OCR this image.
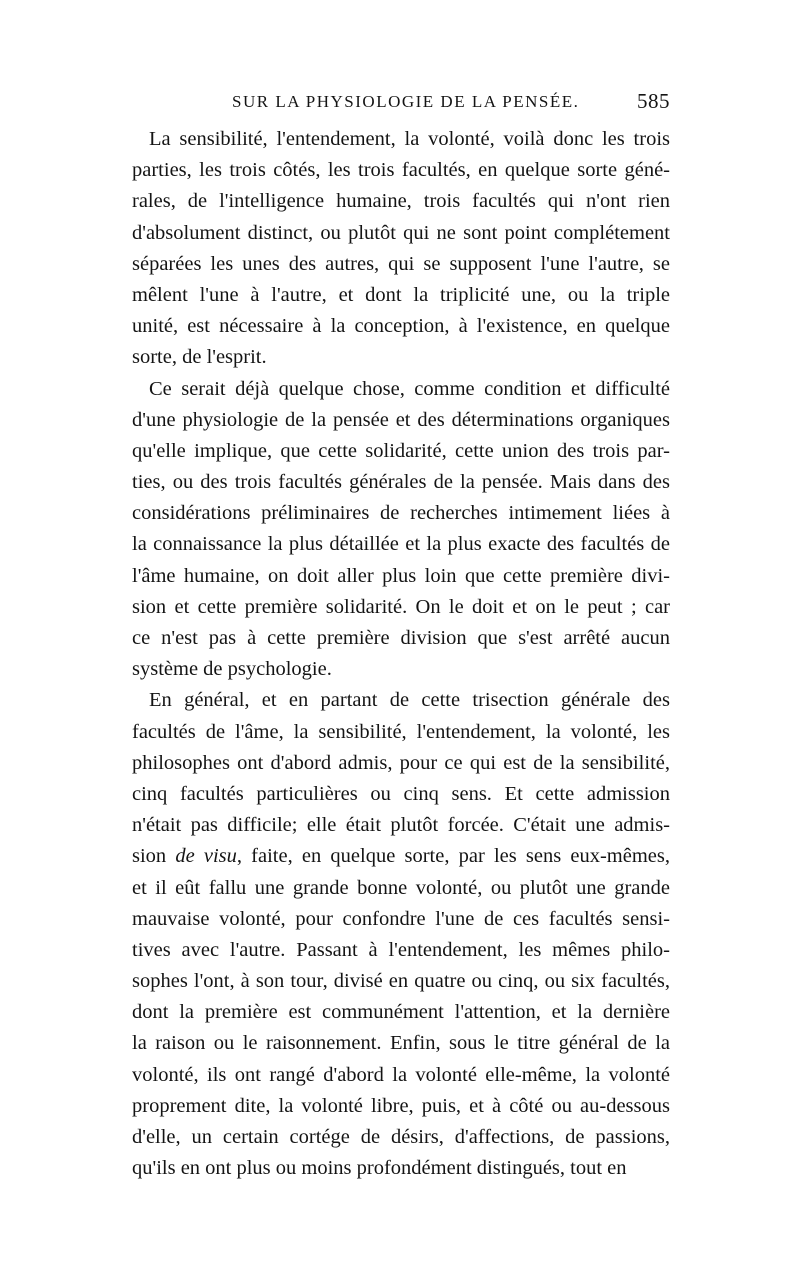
SUR LA PHYSIOLOGIE DE LA PENSÉE.	585
La sensibilité, l'entendement, la volonté, voilà donc les trois
parties, les trois côtés, les trois facultés, en quelque sorte géné-
rales, de l'intelligence humaine, trois facultés qui n'ont rien
d'absolument distinct, ou plutôt qui ne sont point complétement
séparées les unes des autres, qui se supposent l'une l'autre, se
mêlent l'une à l'autre, et dont la triplicité une, ou la triple
unité, est nécessaire à la conception, à l'existence, en quelque
sorte, de l'esprit.
Ce serait déjà quelque chose, comme condition et difficulté
d'une physiologie de la pensée et des déterminations organiques
qu'elle implique, que cette solidarité, cette union des trois par-
ties, ou des trois facultés générales de la pensée. Mais dans des
considérations préliminaires de recherches intimement liées à
la connaissance la plus détaillée et la plus exacte des facultés de
l'âme humaine, on doit aller plus loin que cette première divi-
sion et cette première solidarité. On le doit et on le peut ; car
ce n'est pas à cette première division que s'est arrêté aucun
système de psychologie.
En général, et en partant de cette trisection générale des
facultés de l'âme, la sensibilité, l'entendement, la volonté, les
philosophes ont d'abord admis, pour ce qui est de la sensibilité,
cinq facultés particulières ou cinq sens. Et cette admission
n'était pas difficile; elle était plutôt forcée. C'était une admis-
sion de visu, faite, en quelque sorte, par les sens eux-mêmes,
et il eût fallu une grande bonne volonté, ou plutôt une grande
mauvaise volonté, pour confondre l'une de ces facultés sensi-
tives avec l'autre. Passant à l'entendement, les mêmes philo-
sophes l'ont, à son tour, divisé en quatre ou cinq, ou six facultés,
dont la première est communément l'attention, et la dernière
la raison ou le raisonnement. Enfin, sous le titre général de la
volonté, ils ont rangé d'abord la volonté elle-même, la volonté
proprement dite, la volonté libre, puis, et à côté ou au-dessous
d'elle, un certain cortége de désirs, d'affections, de passions,
qu'ils en ont plus ou moins profondément distingués, tout en
